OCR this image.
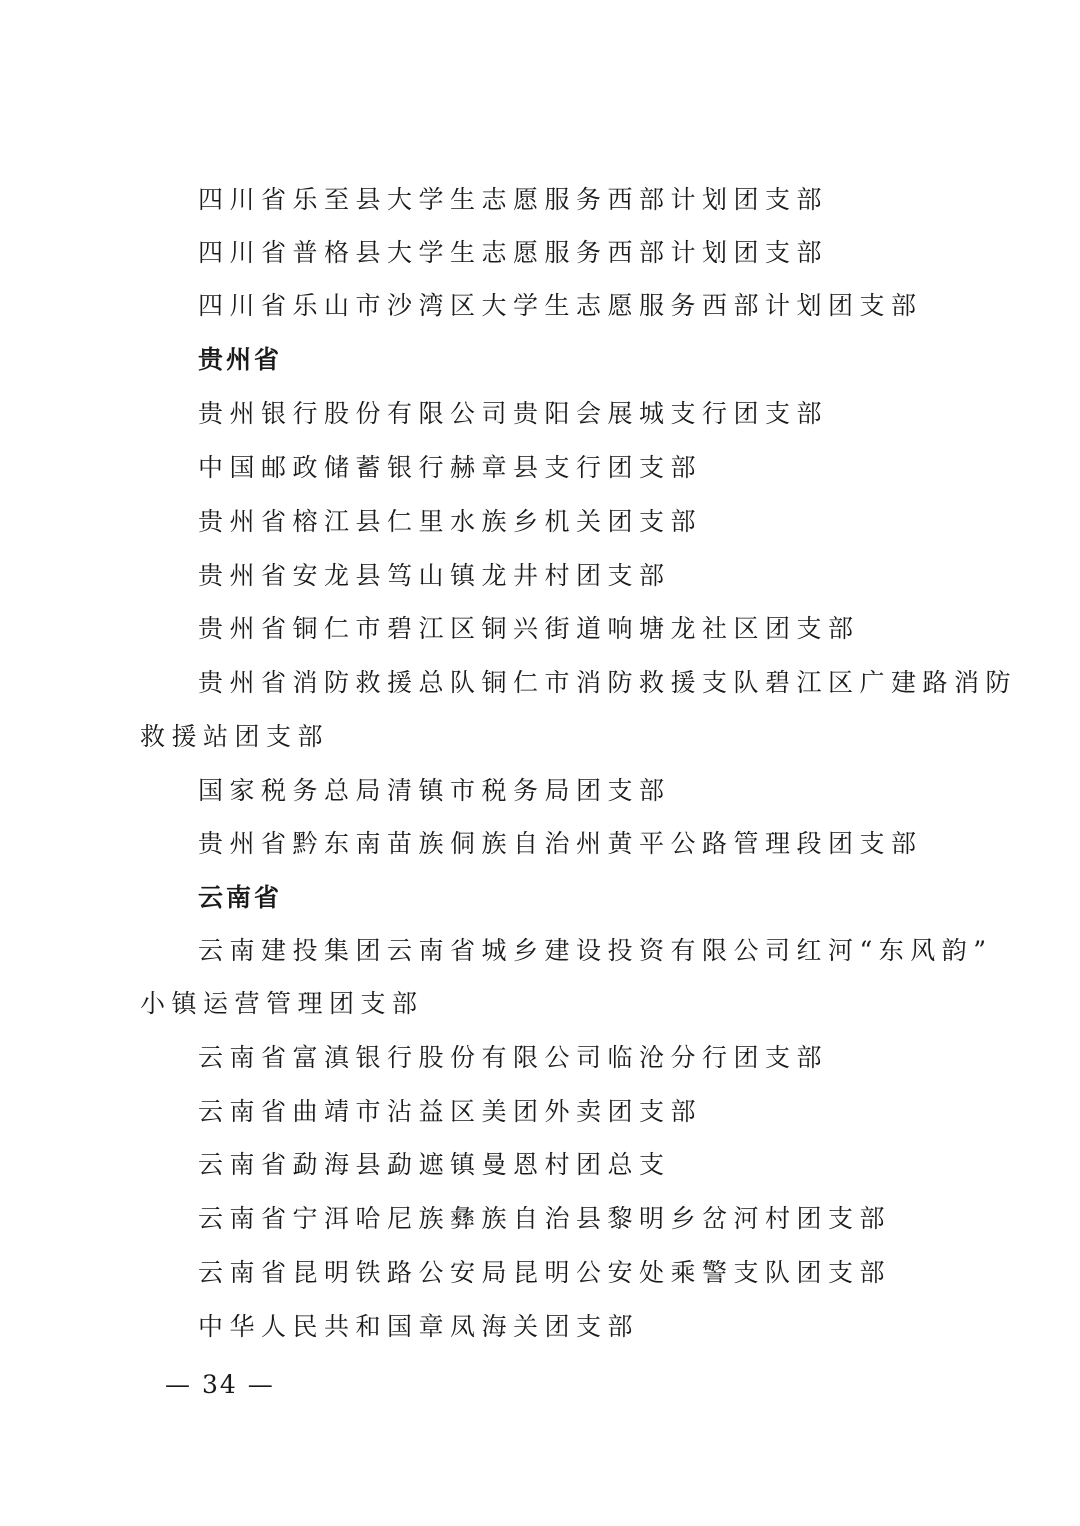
四川省乐至县大学生志愿服务西部计划团支部
四川省普格县大学生志愿服务西部计划团支部
四川省乐山市沙湾区大学生志愿服务西部计划团支部
贵州省
贵州银行股份有限公司贵阳会展城支行团支部
中国邮政储蓄银行赫章县支行团支部
贵州省榕江县仁里水族乡机关团支部
贵州省安龙县笃山镇龙井村团支部
贵州省铜仁市碧江区铜兴街道响塘龙社区团支部
贵州省消防救援总队铜仁市消防救援支队碧江区广建路消防
救援站团支部
国家税务总局清镇市税务局团支部
贵州省黔东南苗族侗族自治州黄平公路管理段团支部
云南省
云南建投集团云南省城乡建设投资有限公司红河“东风韵”
小镇运营管理团支部
云南省富滇银行股份有限公司临沧分行团支部
云南省曲靖市沾益区美团外卖团支部
云南省勐海县勐遮镇曼恩村团总支
云南省宁洱哈尼族彝族自治县黎明乡岔河村团支部
云南省昆明铁路公安局昆明公安处乘警支队团支部
中华人民共和国章凤海关团支部
— 34 —
